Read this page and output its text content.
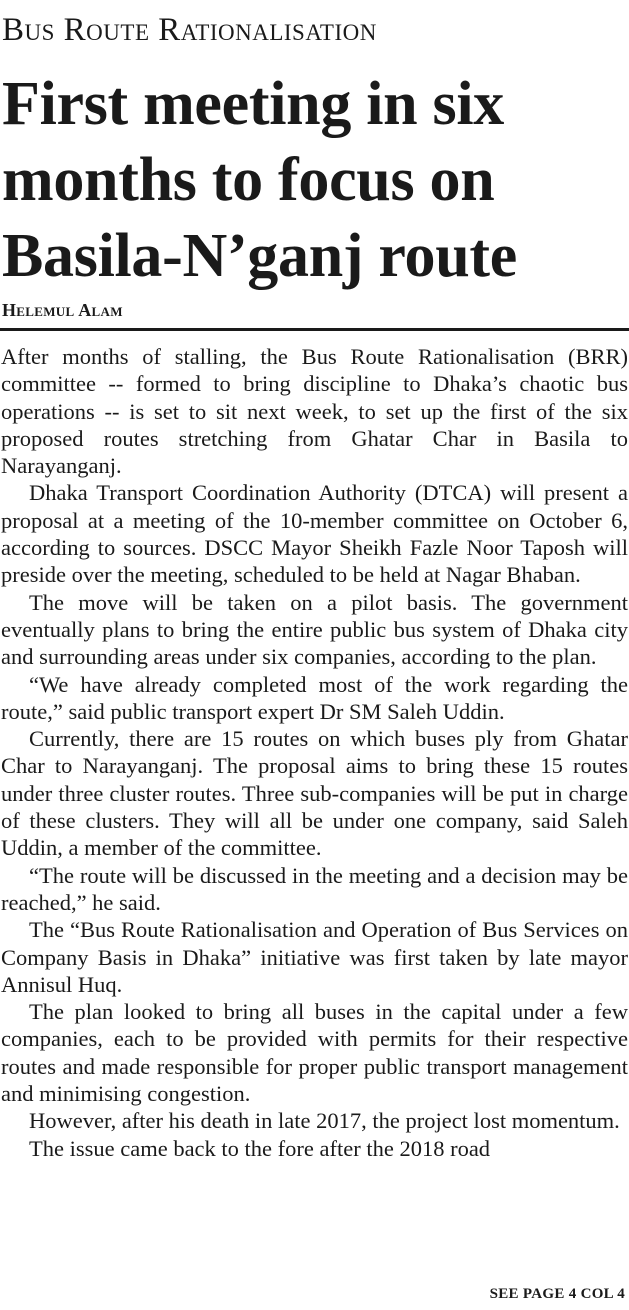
Bus Route Rationalisation
First meeting in six
months to focus on
Basila-N’ganj route
Helemul Alam

After months of stalling, the Bus Route Rationalisation (BRR) committee -- formed to bring discipline to Dhaka’s chaotic bus operations -- is set to sit next week, to set up the first of the six proposed routes stretching from Ghatar Char in Basila to Narayanganj.

Dhaka Transport Coordination Authority (DTCA) will present a proposal at a meeting of the 10-member committee on October 6, according to sources. DSCC Mayor Sheikh Fazle Noor Taposh will preside over the meeting, scheduled to be held at Nagar Bhaban.

The move will be taken on a pilot basis. The government eventually plans to bring the entire public bus system of Dhaka city and surrounding areas under six companies, according to the plan.

“We have already completed most of the work regarding the route,” said public transport expert Dr SM Saleh Uddin.

Currently, there are 15 routes on which buses ply from Ghatar Char to Narayanganj. The proposal aims to bring these 15 routes under three cluster routes. Three sub-companies will be put in charge of these clusters. They will all be under one company, said Saleh Uddin, a member of the committee.

“The route will be discussed in the meeting and a decision may be reached,” he said.

The “Bus Route Rationalisation and Operation of Bus Services on Company Basis in Dhaka” initiative was first taken by late mayor Annisul Huq.

The plan looked to bring all buses in the capital under a few companies, each to be provided with permits for their respective routes and made responsible for proper public transport management and minimising congestion.

However, after his death in late 2017, the project lost momentum.

The issue came back to the fore after the 2018 road

SEE PAGE 4 COL 4
